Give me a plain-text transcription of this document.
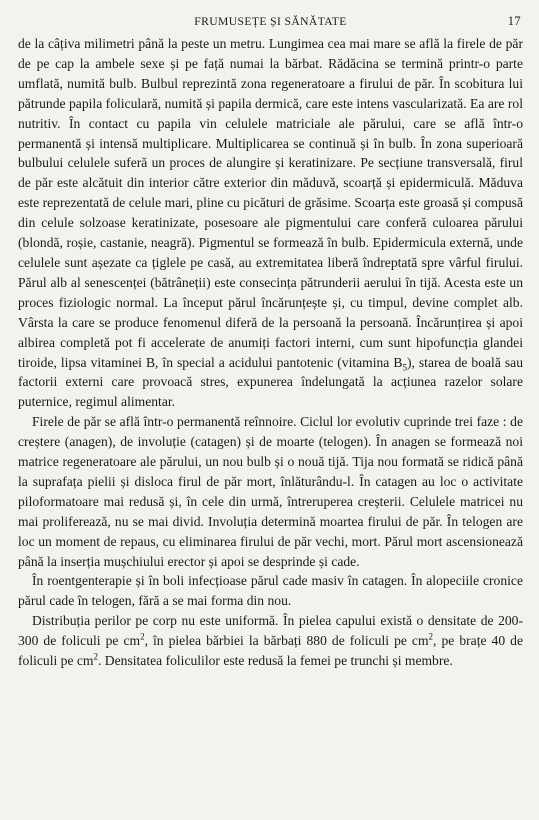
FRUMUSEȚE ȘI SĂNĂTATE	17

de la câțiva milimetri până la peste un metru. Lungimea cea mai mare se află la firele de păr de pe cap la ambele sexe și pe față numai la bărbat. Rădăcina se termină printr-o parte umflată, numită bulb. Bulbul reprezintă zona regeneratoare a firului de păr. În scobitura lui pătrunde papila foliculară, numită și papila dermică, care este intens vascularizată. Ea are rol nutritiv. În contact cu papila vin celulele matriciale ale părului, care se află într-o permanentă și intensă multiplicare. Multiplicarea se continuă și în bulb. În zona superioară bulbului celulele suferă un proces de alungire și keratinizare. Pe secțiune transversală, firul de păr este alcătuit din interior către exterior din măduvă, scoarță și epidermiculă. Măduva este reprezentată de celule mari, pline cu picături de grăsime. Scoarța este groasă și compusă din celule solzoase keratinizate, posesoare ale pigmentului care conferă culoarea părului (blondă, roșie, castanie, neagră). Pigmentul se formează în bulb. Epidermicula externă, unde celulele sunt așezate ca țiglele pe casă, au extremitatea liberă îndreptată spre vârful firului. Părul alb al senescenței (bătrâneții) este consecința pătrunderii aerului în tijă. Acesta este un proces fiziologic normal. La început părul încărunțește și, cu timpul, devine complet alb. Vârsta la care se produce fenomenul diferă de la persoană la persoană. Încărunțirea și apoi albirea completă pot fi accelerate de anumiți factori interni, cum sunt hipofuncția glandei tiroide, lipsa vitaminei B, în special a acidului pantotenic (vitamina $B_5$), starea de boală sau factorii externi care provoacă stres, expunerea îndelungată la acțiunea razelor solare puternice, regimul alimentar.

Firele de păr se află într-o permanentă reînnoire. Ciclul lor evolutiv cuprinde trei faze : de creștere (anagen), de involuție (catagen) și de moarte (telogen). În anagen se formează noi matrice regeneratoare ale părului, un nou bulb și o nouă tijă. Tija nou formată se ridică până la suprafața pielii și disloca firul de păr mort, înlăturându-l. În catagen au loc o activitate piloformatoare mai redusă și, în cele din urmă, întreruperea creșterii. Celulele matricei nu mai proliferează, nu se mai divid. Involuția determină moartea firului de păr. În telogen are loc un moment de repaus, cu eliminarea firului de păr vechi, mort. Părul mort ascensionează până la inserția mușchiului erector și apoi se desprinde și cade.

În roentgenterapie și în boli infecțioase părul cade masiv în catagen. În alopeciile cronice părul cade în telogen, fără a se mai forma din nou.

Distribuția perilor pe corp nu este uniformă. În pielea capului există o densitate de 200-300 de foliculi pe $cm^2$, în pielea bărbiei la bărbați 880 de foliculi pe $cm^2$, pe brațe 40 de foliculi pe $cm^2$. Densitatea foliculilor este redusă la femei pe trunchi și membre.
